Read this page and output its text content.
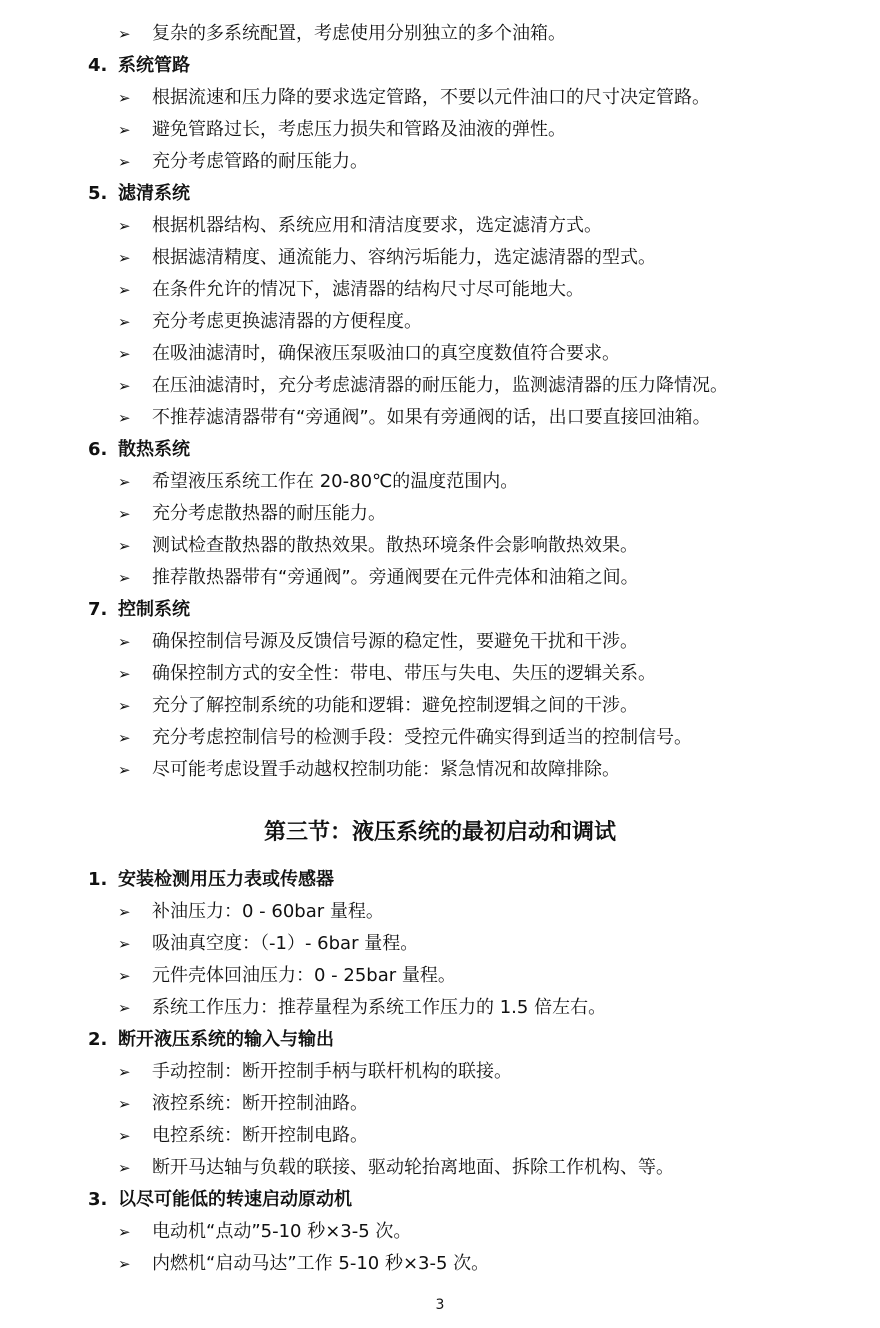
➢ 复杂的多系统配置，考虑使用分别独立的多个油箱。
4. 系统管路
➢ 根据流速和压力降的要求选定管路，不要以元件油口的尺寸决定管路。
➢ 避免管路过长，考虑压力损失和管路及油液的弹性。
➢ 充分考虑管路的耐压能力。
5. 滤清系统
➢ 根据机器结构、系统应用和清洁度要求，选定滤清方式。
➢ 根据滤清精度、通流能力、容纳污垢能力，选定滤清器的型式。
➢ 在条件允许的情况下，滤清器的结构尺寸尽可能地大。
➢ 充分考虑更换滤清器的方便程度。
➢ 在吸油滤清时，确保液压泵吸油口的真空度数值符合要求。
➢ 在压油滤清时，充分考虑滤清器的耐压能力，监测滤清器的压力降情况。
➢ 不推荐滤清器带有“旁通阀”。如果有旁通阀的话，出口要直接回油箱。
6. 散热系统
➢ 希望液压系统工作在 20-80℃的温度范围内。
➢ 充分考虑散热器的耐压能力。
➢ 测试检查散热器的散热效果。散热环境条件会影响散热效果。
➢ 推荐散热器带有“旁通阀”。旁通阀要在元件壳体和油箱之间。
7. 控制系统
➢ 确保控制信号源及反馈信号源的稳定性，要避免干扰和干涉。
➢ 确保控制方式的安全性：带电、带压与失电、失压的逻辑关系。
➢ 充分了解控制系统的功能和逻辑：避免控制逻辑之间的干涉。
➢ 充分考虑控制信号的检测手段：受控元件确实得到适当的控制信号。
➢ 尽可能考虑设置手动越权控制功能：紧急情况和故障排除。
第三节：液压系统的最初启动和调试
1. 安装检测用压力表或传感器
➢ 补油压力：0 - 60bar 量程。
➢ 吸油真空度：（-1）- 6bar 量程。
➢ 元件壳体回油压力：0 - 25bar 量程。
➢ 系统工作压力：推荐量程为系统工作压力的 1.5 倍左右。
2. 断开液压系统的输入与输出
➢ 手动控制：断开控制手柄与联杆机构的联接。
➢ 液控系统：断开控制油路。
➢ 电控系统：断开控制电路。
➢ 断开马达轴与负载的联接、驱动轮抬离地面、拆除工作机构、等。
3. 以尽可能低的转速启动原动机
➢ 电动机“点动”5-10 秒×3-5 次。
➢ 内燃机“启动马达”工作 5-10 秒×3-5 次。
3
